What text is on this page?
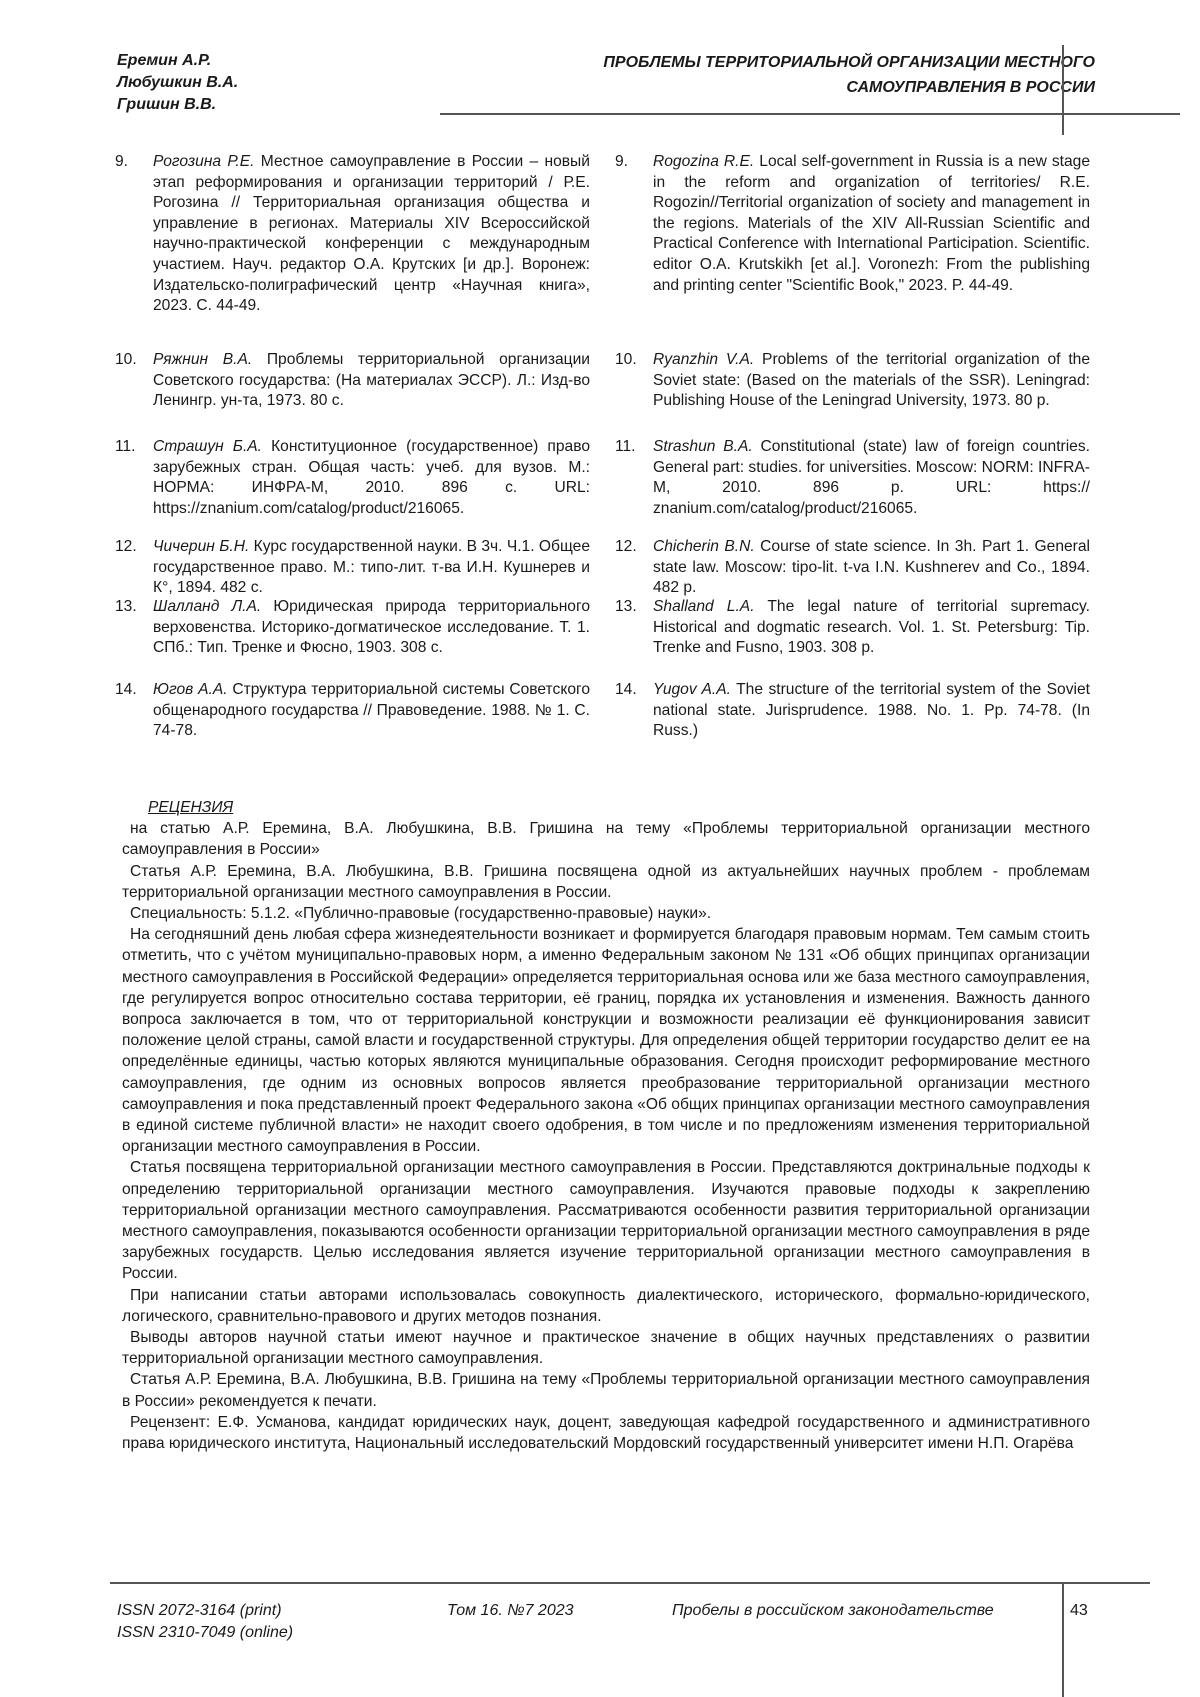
Еремин А.Р.
Любушкин В.А.
Гришин В.В.
ПРОБЛЕМЫ ТЕРРИТОРИАЛЬНОЙ ОРГАНИЗАЦИИ МЕСТНОГО
САМОУПРАВЛЕНИЯ В РОССИИ
9. Рогозина Р.Е. Местное самоуправление в России – новый этап реформирования и организации территорий / Р.Е. Рогозина // Территориальная организация общества и управление в регионах. Материалы XIV Всероссийской научно-практической конференции с международным участием. Науч. редактор О.А. Крутских [и др.]. Воронеж: Издательско-полиграфический центр «Научная книга», 2023. С. 44-49.
10. Ряжнин В.А. Проблемы территориальной организации Советского государства: (На материалах ЭССР). Л.: Изд-во Ленингр. ун-та, 1973. 80 с.
11. Страшун Б.А. Конституционное (государственное) право зарубежных стран. Общая часть: учеб. для вузов. М.: НОРМА: ИНФРА-М, 2010. 896 с. URL: https://znanium.com/catalog/product/216065.
12. Чичерин Б.Н. Курс государственной науки. В 3ч. Ч.1. Общее государственное право. М.: типо-лит. т-ва И.Н. Кушнерев и К°, 1894. 482 с.
13. Шалланд Л.А. Юридическая природа территориального верховенства. Историко-догматическое исследование. Т. 1. СПб.: Тип. Тренке и Фюсно, 1903. 308 с.
14. Югов А.А. Структура территориальной системы Советского общенародного государства // Правоведение. 1988. № 1. С. 74-78.
9. Rogozina R.E. Local self-government in Russia is a new stage in the reform and organization of territories/ R.E. Rogozin//Territorial organization of society and management in the regions. Materials of the XIV All-Russian Scientific and Practical Conference with International Participation. Scientific. editor O.A. Krutskikh [et al.]. Voronezh: From the publishing and printing center "Scientific Book," 2023. P. 44-49.
10. Ryanzhin V.A. Problems of the territorial organization of the Soviet state: (Based on the materials of the SSR). Leningrad: Publishing House of the Leningrad University, 1973. 80 p.
11. Strashun B.A. Constitutional (state) law of foreign countries. General part: studies. for universities. Moscow: NORM: INFRA-M, 2010. 896 p. URL: https:// znanium.com/catalog/product/216065.
12. Chicherin B.N. Course of state science. In 3h. Part 1. General state law. Moscow: tipo-lit. t-va I.N. Kushnerev and Co., 1894. 482 p.
13. Shalland L.A. The legal nature of territorial supremacy. Historical and dogmatic research. Vol. 1. St. Petersburg: Tip. Trenke and Fusno, 1903. 308 p.
14. Yugov A.A. The structure of the territorial system of the Soviet national state. Jurisprudence. 1988. No. 1. Pp. 74-78. (In Russ.)

РЕЦЕНЗИЯ

на статью А.Р. Еремина, В.А. Любушкина, В.В. Гришина на тему «Проблемы территориальной организации местного самоуправления в России»

Статья А.Р. Еремина, В.А. Любушкина, В.В. Гришина посвящена одной из актуальнейших научных проблем - проблемам территориальной организации местного самоуправления в России.

Специальность: 5.1.2. «Публично-правовые (государственно-правовые) науки».

На сегодняшний день любая сфера жизнедеятельности возникает и формируется благодаря правовым нормам. Тем самым стоить отметить, что с учётом муниципально-правовых норм, а именно Федеральным законом № 131 «Об общих принципах организации местного самоуправления в Российской Федерации» определяется территориальная основа или же база местного самоуправления, где регулируется вопрос относительно состава территории, её границ, порядка их установления и изменения. Важность данного вопроса заключается в том, что от территориальной конструкции и возможности реализации её функционирования зависит положение целой страны, самой власти и государственной структуры. Для определения общей территории государство делит ее на определённые единицы, частью которых являются муниципальные образования. Сегодня происходит реформирование местного самоуправления, где одним из основных вопросов является преобразование территориальной организации местного самоуправления и пока представленный проект Федерального закона «Об общих принципах организации местного самоуправления в единой системе публичной власти» не находит своего одобрения, в том числе и по предложениям изменения территориальной организации местного самоуправления в России.

Статья посвящена территориальной организации местного самоуправления в России. Представляются доктринальные подходы к определению территориальной организации местного самоуправления. Изучаются правовые подходы к закреплению территориальной организации местного самоуправления. Рассматриваются особенности развития территориальной организации местного самоуправления, показываются особенности организации территориальной организации местного самоуправления в ряде зарубежных государств. Целью исследования является изучение территориальной организации местного самоуправления в России.

При написании статьи авторами использовалась совокупность диалектического, исторического, формально-юридического, логического, сравнительно-правового и других методов познания.

Выводы авторов научной статьи имеют научное и практическое значение в общих научных представлениях о развитии территориальной организации местного самоуправления.

Статья А.Р. Еремина, В.А. Любушкина, В.В. Гришина на тему «Проблемы территориальной организации местного самоуправления в России» рекомендуется к печати.

Рецензент: Е.Ф. Усманова, кандидат юридических наук, доцент, заведующая кафедрой государственного и административного права юридического института, Национальный исследовательский Мордовский государственный университет имени Н.П. Огарёва

ISSN 2072-3164 (print)
ISSN 2310-7049 (online)
Том 16. №7 2023	Пробелы в российском законодательстве	43
